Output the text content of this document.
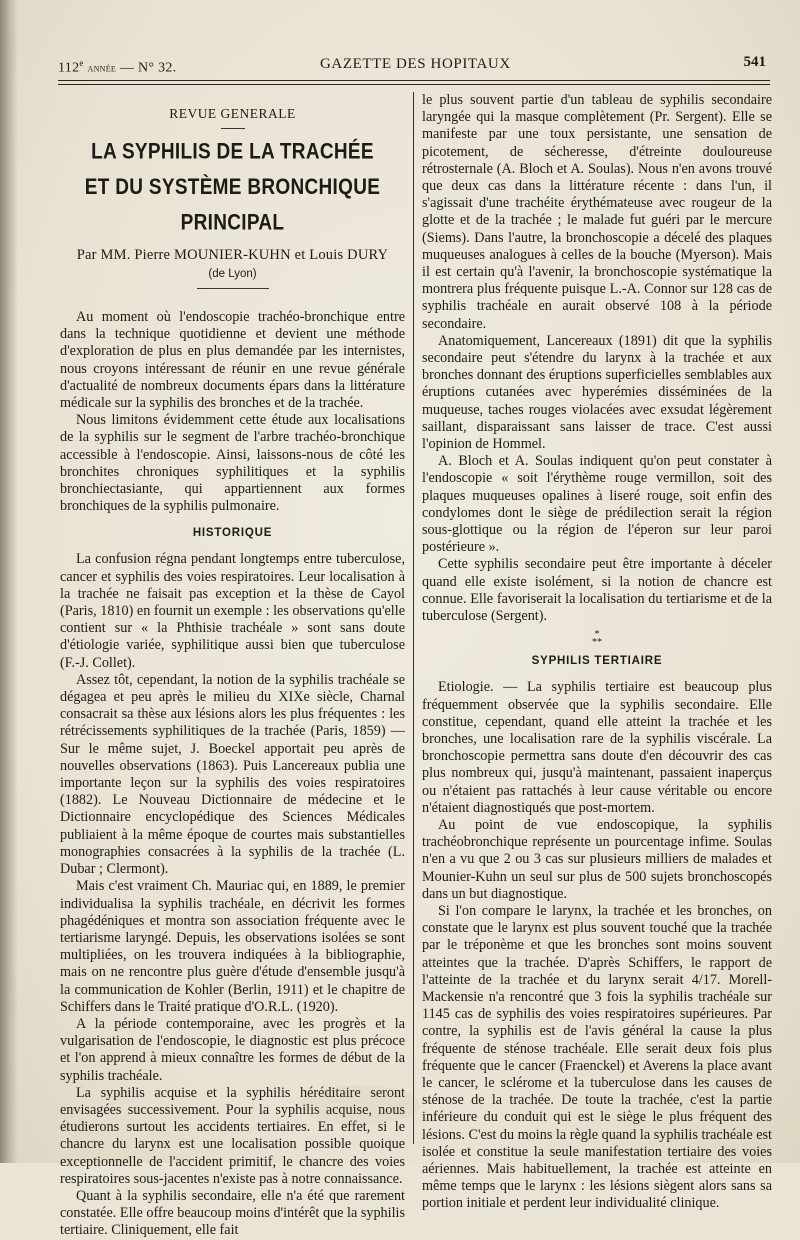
112e année — N° 32.	GAZETTE DES HOPITAUX	541
REVUE GENERALE
LA SYPHILIS DE LA TRACHÉE
ET DU SYSTÈME BRONCHIQUE PRINCIPAL
Par MM. Pierre MOUNIER-KUHN et Louis DURY
(de Lyon)

Au moment où l'endoscopie trachéo-bronchique entre dans la technique quotidienne et devient une méthode d'exploration de plus en plus demandée par les internistes, nous croyons intéressant de réunir en une revue générale d'actualité de nombreux documents épars dans la littérature médicale sur la syphilis des bronches et de la trachée.

Nous limitons évidemment cette étude aux localisations de la syphilis sur le segment de l'arbre trachéo-bronchique accessible à l'endoscopie. Ainsi, laissons-nous de côté les bronchites chroniques syphilitiques et la syphilis bronchiectasiante, qui appartiennent aux formes bronchiques de la syphilis pulmonaire.

HISTORIQUE

La confusion régna pendant longtemps entre tuberculose, cancer et syphilis des voies respiratoires. Leur localisation à la trachée ne faisait pas exception et la thèse de Cayol (Paris, 1810) en fournit un exemple : les observations qu'elle contient sur « la Phthisie trachéale » sont sans doute d'étiologie variée, syphilitique aussi bien que tuberculose (F.-J. Collet).

Assez tôt, cependant, la notion de la syphilis trachéale se dégagea et peu après le milieu du XIXe siècle, Charnal consacrait sa thèse aux lésions alors les plus fréquentes : les rétrécissements syphilitiques de la trachée (Paris, 1859) — Sur le même sujet, J. Boeckel apportait peu après de nouvelles observations (1863). Puis Lancereaux publia une importante leçon sur la syphilis des voies respiratoires (1882). Le Nouveau Dictionnaire de médecine et le Dictionnaire encyclopédique des Sciences Médicales publiaient à la même époque de courtes mais substantielles monographies consacrées à la syphilis de la trachée (L. Dubar ; Clermont).

Mais c'est vraiment Ch. Mauriac qui, en 1889, le premier individualisa la syphilis trachéale, en décrivit les formes phagédéniques et montra son association fréquente avec le tertiarisme laryngé. Depuis, les observations isolées se sont multipliées, on les trouvera indiquées à la bibliographie, mais on ne rencontre plus guère d'étude d'ensemble jusqu'à la communication de Kohler (Berlin, 1911) et le chapitre de Schiffers dans le Traité pratique d'O.R.L. (1920).

A la période contemporaine, avec les progrès et la vulgarisation de l'endoscopie, le diagnostic est plus précoce et l'on apprend à mieux connaître les formes de début de la syphilis trachéale.

La syphilis acquise et la syphilis héréditaire seront envisagées successivement. Pour la syphilis acquise, nous étudierons surtout les accidents tertiaires. En effet, si le chancre du larynx est une localisation possible quoique exceptionnelle de l'accident primitif, le chancre des voies respiratoires sous-jacentes n'existe pas à notre connaissance.

Quant à la syphilis secondaire, elle n'a été que rarement constatée. Elle offre beaucoup moins d'intérêt que la syphilis tertiaire. Cliniquement, elle fait

le plus souvent partie d'un tableau de syphilis secondaire laryngée qui la masque complètement (Pr. Sergent). Elle se manifeste par une toux persistante, une sensation de picotement, de sécheresse, d'étreinte douloureuse rétrosternale (A. Bloch et A. Soulas). Nous n'en avons trouvé que deux cas dans la littérature récente : dans l'un, il s'agissait d'une trachéite érythémateuse avec rougeur de la glotte et de la trachée ; le malade fut guéri par le mercure (Siems). Dans l'autre, la bronchoscopie a décelé des plaques muqueuses analogues à celles de la bouche (Myerson). Mais il est certain qu'à l'avenir, la bronchoscopie systématique la montrera plus fréquente puisque L.-A. Connor sur 128 cas de syphilis trachéale en aurait observé 108 à la période secondaire.

Anatomiquement, Lancereaux (1891) dit que la syphilis secondaire peut s'étendre du larynx à la trachée et aux bronches donnant des éruptions superficielles semblables aux éruptions cutanées avec hyperémies disséminées de la muqueuse, taches rouges violacées avec exsudat légèrement saillant, disparaissant sans laisser de trace. C'est aussi l'opinion de Hommel.

A. Bloch et A. Soulas indiquent qu'on peut constater à l'endoscopie « soit l'érythème rouge vermillon, soit des plaques muqueuses opalines à liseré rouge, soit enfin des condylomes dont le siège de prédilection serait la région sous-glottique ou la région de l'éperon sur leur paroi postérieure ».

Cette syphilis secondaire peut être importante à déceler quand elle existe isolément, si la notion de chancre est connue. Elle favoriserait la localisation du tertiarisme et de la tuberculose (Sergent).

*
**
SYPHILIS TERTIAIRE

Etiologie. — La syphilis tertiaire est beaucoup plus fréquemment observée que la syphilis secondaire. Elle constitue, cependant, quand elle atteint la trachée et les bronches, une localisation rare de la syphilis viscérale. La bronchoscopie permettra sans doute d'en découvrir des cas plus nombreux qui, jusqu'à maintenant, passaient inaperçus ou n'étaient pas rattachés à leur cause véritable ou encore n'étaient diagnostiqués que post-mortem.

Au point de vue endoscopique, la syphilis trachéobronchique représente un pourcentage infime. Soulas n'en a vu que 2 ou 3 cas sur plusieurs milliers de malades et Mounier-Kuhn un seul sur plus de 500 sujets bronchoscopés dans un but diagnostique.

Si l'on compare le larynx, la trachée et les bronches, on constate que le larynx est plus souvent touché que la trachée par le tréponème et que les bronches sont moins souvent atteintes que la trachée. D'après Schiffers, le rapport de l'atteinte de la trachée et du larynx serait 4/17. Morell-Mackensie n'a rencontré que 3 fois la syphilis trachéale sur 1145 cas de syphilis des voies respiratoires supérieures. Par contre, la syphilis est de l'avis général la cause la plus fréquente de sténose trachéale. Elle serait deux fois plus fréquente que le cancer (Fraenckel) et Averens la place avant le cancer, le sclérome et la tuberculose dans les causes de sténose de la trachée. De toute la trachée, c'est la partie inférieure du conduit qui est le siège le plus fréquent des lésions. C'est du moins la règle quand la syphilis trachéale est isolée et constitue la seule manifestation tertiaire des voies aériennes. Mais habituellement, la trachée est atteinte en même temps que le larynx : les lésions siègent alors sans sa portion initiale et perdent leur individualité clinique.
